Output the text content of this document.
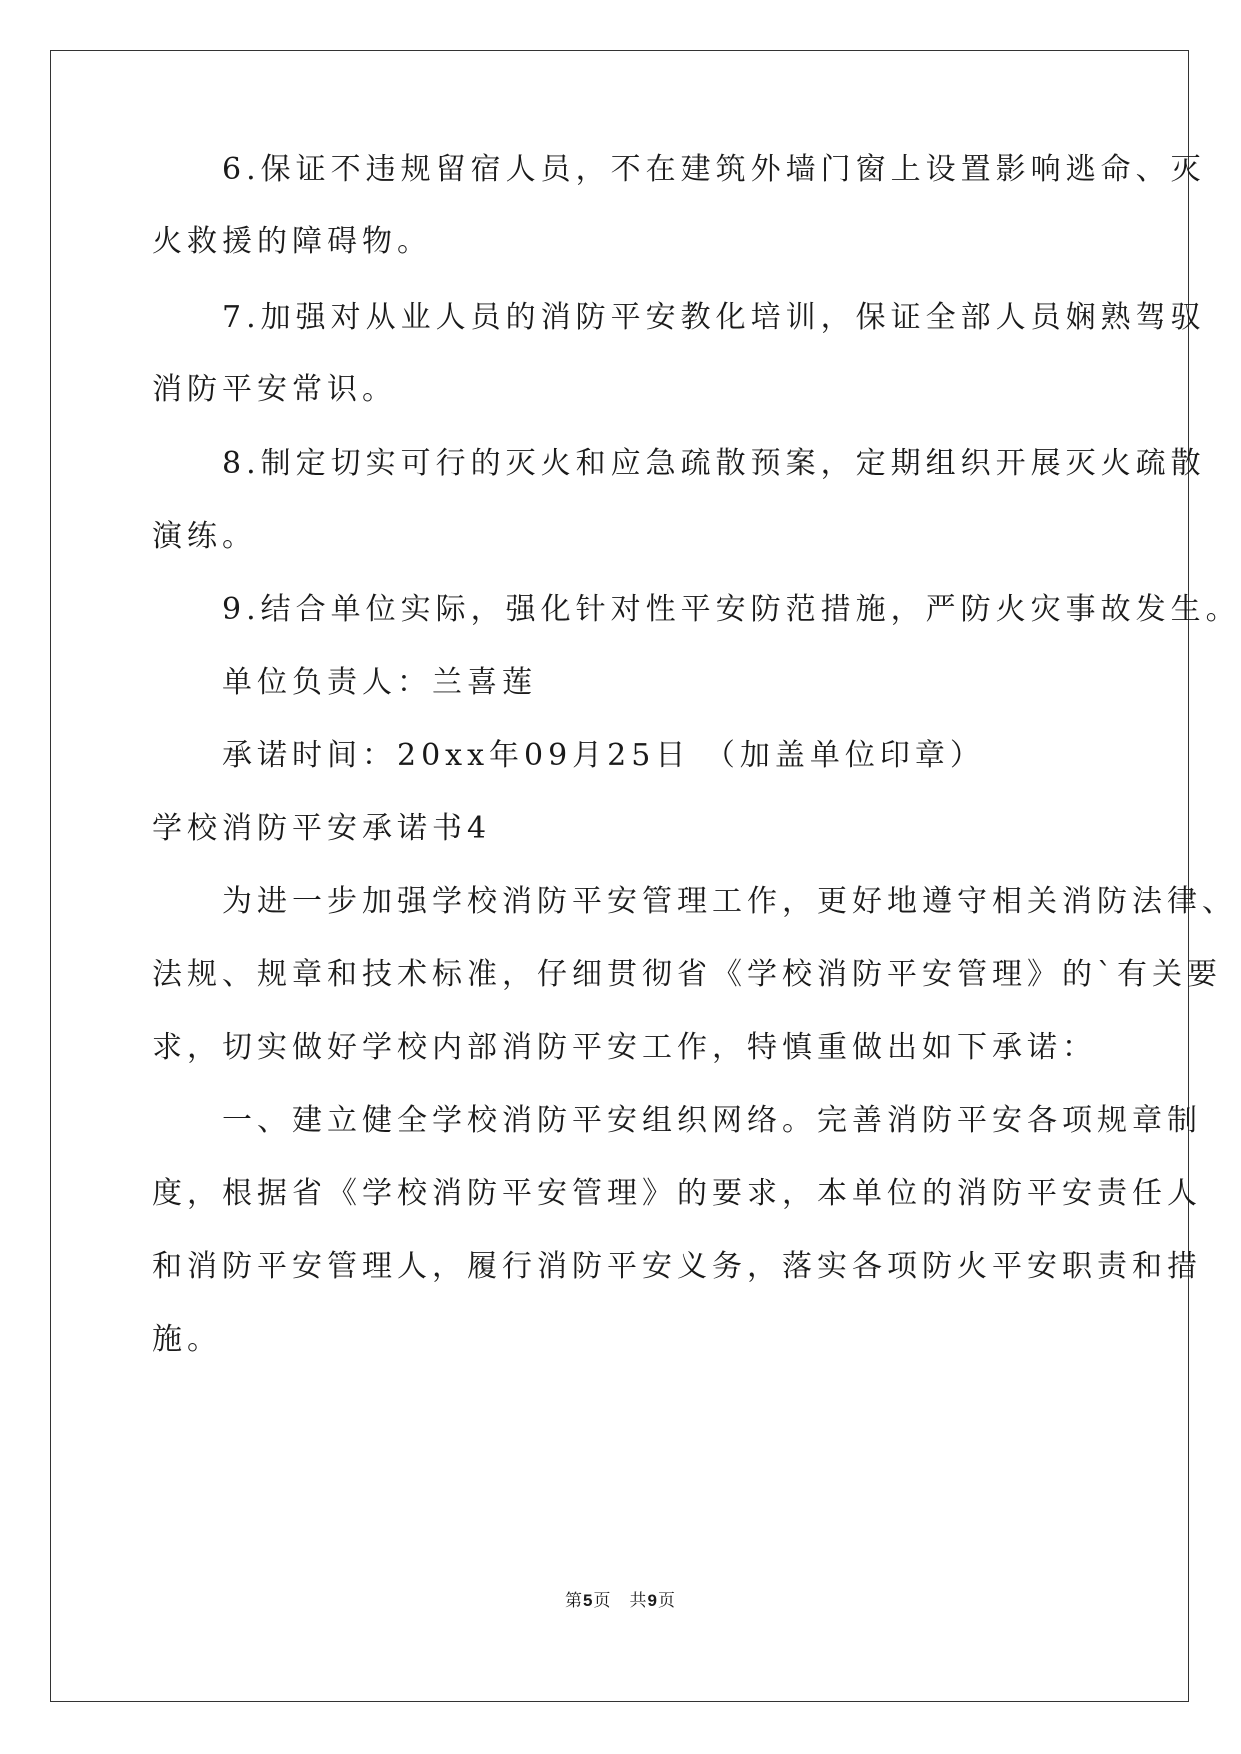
　　6.保证不违规留宿人员，不在建筑外墙门窗上设置影响逃命、灭
火救援的障碍物。
　　7.加强对从业人员的消防平安教化培训，保证全部人员娴熟驾驭
消防平安常识。
　　8.制定切实可行的灭火和应急疏散预案，定期组织开展灭火疏散
演练。
　　9.结合单位实际，强化针对性平安防范措施，严防火灾事故发生。
　　单位负责人：兰喜莲
　　承诺时间：20xx年09月25日 （加盖单位印章）
学校消防平安承诺书4
　　为进一步加强学校消防平安管理工作，更好地遵守相关消防法律、
法规、规章和技术标准，仔细贯彻省《学校消防平安管理》的`有关要
求，切实做好学校内部消防平安工作，特慎重做出如下承诺：
　　一、建立健全学校消防平安组织网络。完善消防平安各项规章制
度，根据省《学校消防平安管理》的要求，本单位的消防平安责任人
和消防平安管理人，履行消防平安义务，落实各项防火平安职责和措
施。
第5页　共9页
